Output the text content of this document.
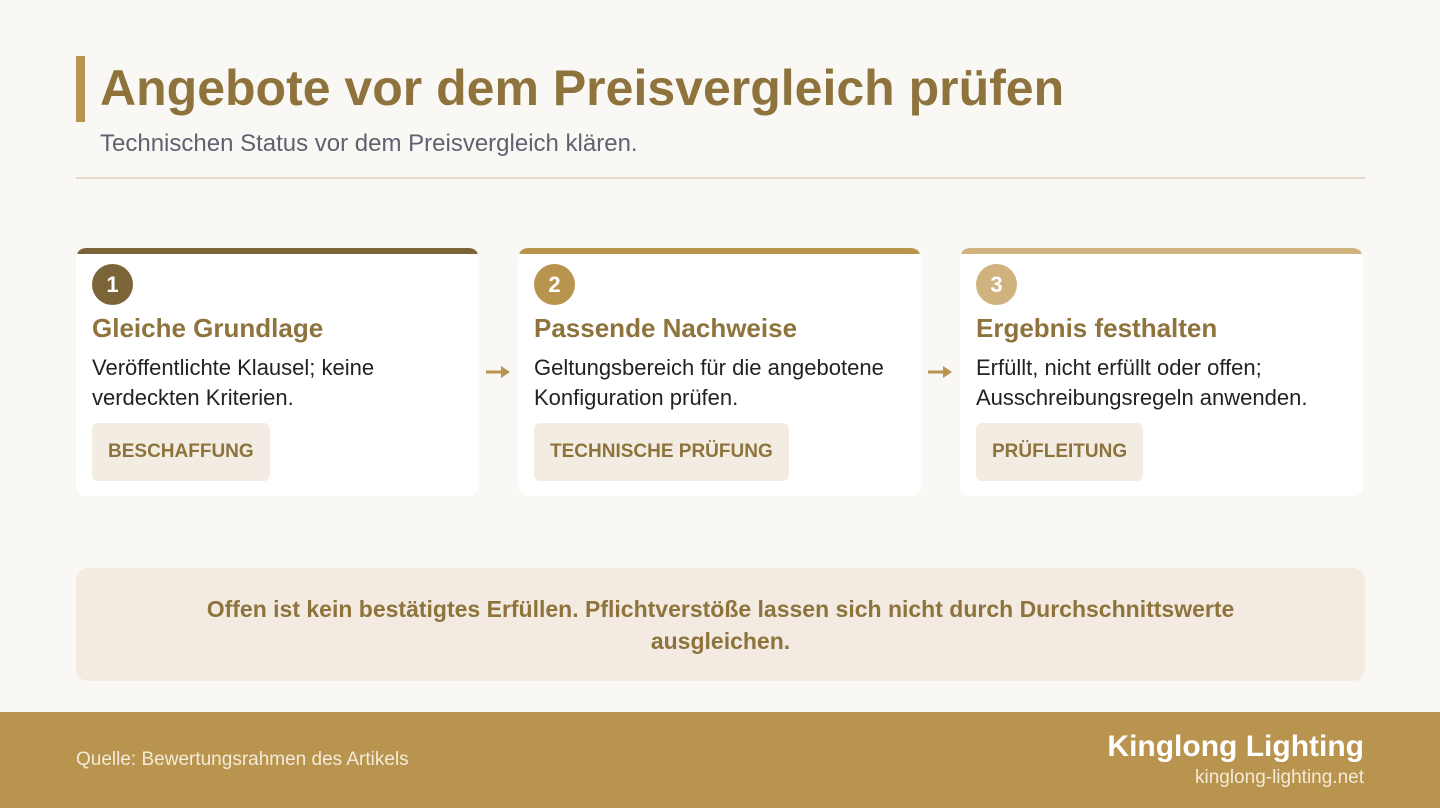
Angebote vor dem Preisvergleich prüfen
Technischen Status vor dem Preisvergleich klären.
1
Gleiche Grundlage
Veröffentlichte Klausel; keine verdeckten Kriterien.
BESCHAFFUNG
2
Passende Nachweise
Geltungsbereich für die angebotene Konfiguration prüfen.
TECHNISCHE PRÜFUNG
3
Ergebnis festhalten
Erfüllt, nicht erfüllt oder offen; Ausschreibungsregeln anwenden.
PRÜFLEITUNG
Offen ist kein bestätigtes Erfüllen. Pflichtverstöße lassen sich nicht durch Durchschnittswerte ausgleichen.
Quelle: Bewertungsrahmen des Artikels	Kinglong Lighting
kinglong-lighting.net
